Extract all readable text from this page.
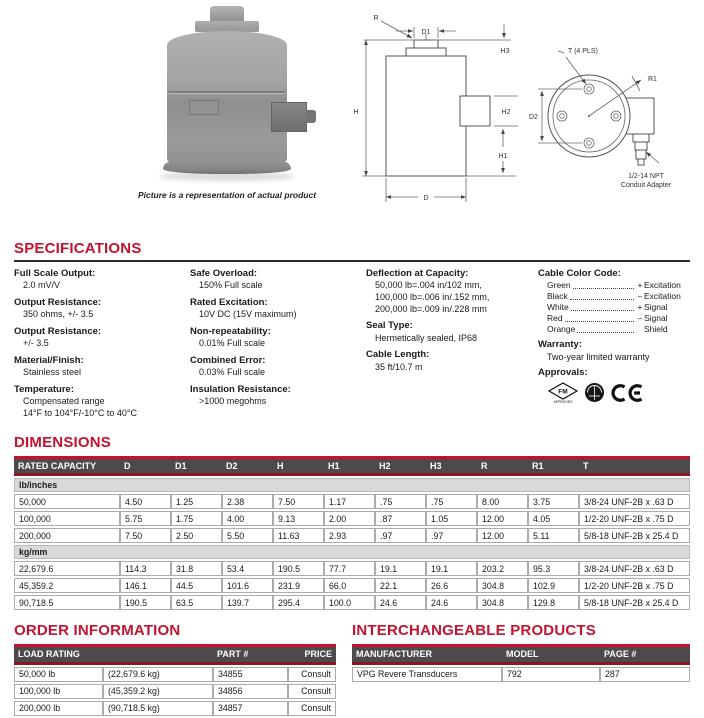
Picture is a representation of actual product
D1
R
H
H3
H2
H1
D
T (4 PLS)
R1
D2
1/2-14 NPT
Conduit Adapter
SPECIFICATIONS
Full Scale Output:
2.0 mV/V
Output Resistance:
350 ohms, +/- 3.5
Output Resistance:
+/- 3.5
Material/Finish:
Stainless steel
Temperature:
Compensated range
14°F to 104°F/-10°C to 40°C
Safe Overload:
150% Full scale
Rated Excitation:
10V DC (15V maximum)
Non-repeatability:
0.01% Full scale
Combined Error:
0.03% Full scale
Insulation Resistance:
>1000 megohms
Deflection at Capacity:
50,000 lb=.004 in/102 mm,
100,000 lb=.006 in/.152 mm,
200,000 lb=.009 in/.228 mm
Seal Type:
Hermetically sealed, IP68
Cable Length:
35 ft/10.7 m
Cable Color Code:
Green	+ Excitation
Black	– Excitation
White	+ Signal
Red	– Signal
Orange	Shield
Warranty:
Two-year limited warranty
Approvals:
FM
APPROVED
DIMENSIONS
RATED CAPACITY	D	D1	D2	H	H1	H2	H3	R	R1	T
lb/inches										
50,000	4.50	1.25	2.38	7.50	1.17	.75	.75	8.00	3.75	3/8-24 UNF-2B x .63 D
100,000	5.75	1.75	4.00	9.13	2.00	.87	1.05	12.00	4.05	1/2-20 UNF-2B x .75 D
200,000	7.50	2.50	5.50	11.63	2.93	.97	.97	12.00	5.11	5/8-18 UNF-2B x 25.4 D
kg/mm										
22,679.6	114.3	31.8	53.4	190.5	77.7	19.1	19.1	203.2	95.3	3/8-24 UNF-2B x .63 D
45,359.2	146.1	44.5	101.6	231.9	66.0	22.1	26.6	304.8	102.9	1/2-20 UNF-2B x .75 D
90,718.5	190.5	63.5	139.7	295.4	100.0	24.6	24.6	304.8	129.8	5/8-18 UNF-2B x 25.4 D
ORDER INFORMATION
LOAD RATING		PART #	PRICE
50,000 lb	(22,679.6 kg)	34855	Consult
100,000 lb	(45,359.2 kg)	34856	Consult
200,000 lb	(90,718.5 kg)	34857	Consult
INTERCHANGEABLE PRODUCTS
MANUFACTURER	MODEL	PAGE #
VPG Revere Transducers	792	287
